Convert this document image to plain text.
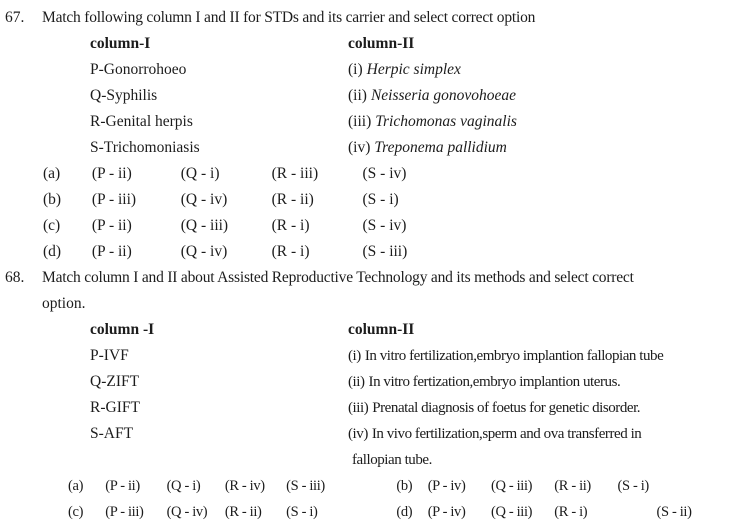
67.	Match following column I and II for STDs and its carrier and select correct option
column-I	column-II
P-Gonorrohoeo	(i) Herpic simplex
Q-Syphilis	(ii) Neisseria gonovohoeae
R-Genital herpis	(iii) Trichomonas vaginalis
S-Trichomoniasis	(iv) Treponema pallidium
(a) (P - ii)	(Q - i)	(R - iii)	(S - iv)
(b) (P - iii)	(Q - iv)	(R - ii)	(S - i)
(c) (P - ii)	(Q - iii)	(R - i)	(S - iv)
(d) (P - ii)	(Q - iv)	(R - i)	(S - iii)
68.	Match column I and II about Assisted Reproductive Technology and its methods and select correct
option.
column -I	column-II
P-IVF	(i) In vitro fertilization,embryo implantion fallopian tube
Q-ZIFT	(ii) In vitro fertization,embryo implantion uterus.
R-GIFT	(iii) Prenatal diagnosis of foetus for genetic disorder.
S-AFT	(iv) In vivo fertilization,sperm and ova transferred in
fallopian tube.
(a) (P - ii) (Q - i) (R - iv) (S - iii)	(b) (P - iv) (Q - iii) (R - ii) (S - i)
(c) (P - iii) (Q - iv) (R - ii) (S - i)	(d) (P - iv) (Q - iii) (R - i)	(S - ii)
